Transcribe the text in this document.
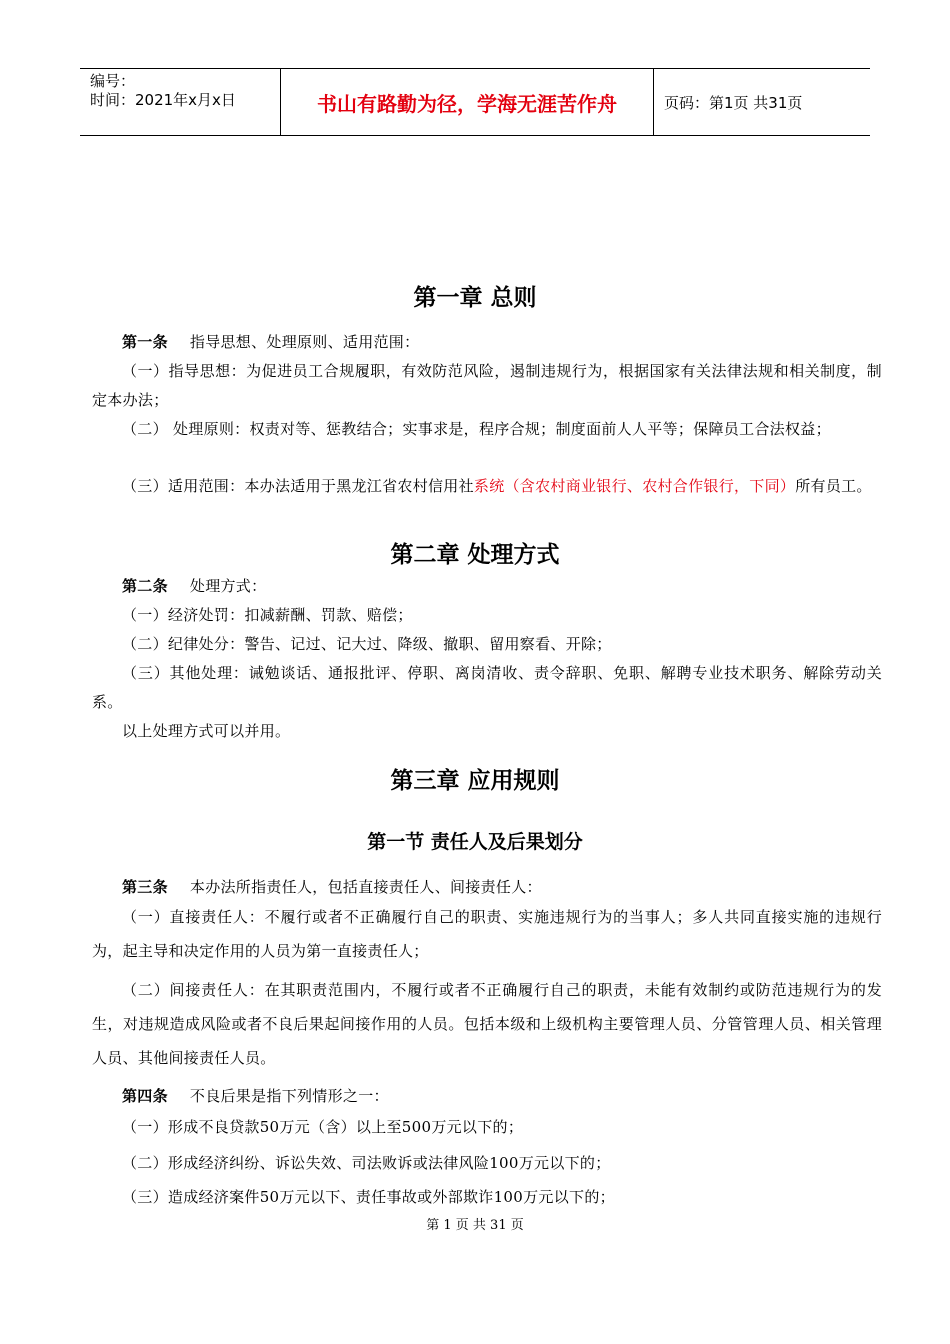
编号：
时间：2021年x月x日	书山有路勤为径，学海无涯苦作舟	页码：第1页 共31页
第一章 总则
第一条 指导思想、处理原则、适用范围：
（一）指导思想：为促进员工合规履职，有效防范风险，遏制违规行为，根据国家有关法律法规和相关制度，制定本办法；
（二） 处理原则：权责对等、惩教结合；实事求是，程序合规；制度面前人人平等；保障员工合法权益；
（三）适用范围：本办法适用于黑龙江省农村信用社系统（含农村商业银行、农村合作银行，下同）所有员工。
第二章 处理方式
第二条 处理方式：
（一）经济处罚：扣减薪酬、罚款、赔偿；
（二）纪律处分：警告、记过、记大过、降级、撤职、留用察看、开除；
（三）其他处理：诫勉谈话、通报批评、停职、离岗清收、责令辞职、免职、解聘专业技术职务、解除劳动关系。
以上处理方式可以并用。
第三章 应用规则
第一节 责任人及后果划分
第三条 本办法所指责任人，包括直接责任人、间接责任人：
（一）直接责任人：不履行或者不正确履行自己的职责、实施违规行为的当事人；多人共同直接实施的违规行为，起主导和决定作用的人员为第一直接责任人；
（二）间接责任人：在其职责范围内，不履行或者不正确履行自己的职责，未能有效制约或防范违规行为的发生，对违规造成风险或者不良后果起间接作用的人员。包括本级和上级机构主要管理人员、分管管理人员、相关管理人员、其他间接责任人员。
第四条 不良后果是指下列情形之一：
（一）形成不良贷款50万元（含）以上至500万元以下的；
（二）形成经济纠纷、诉讼失效、司法败诉或法律风险100万元以下的；
（三）造成经济案件50万元以下、责任事故或外部欺诈100万元以下的；
第 1 页 共 31 页
